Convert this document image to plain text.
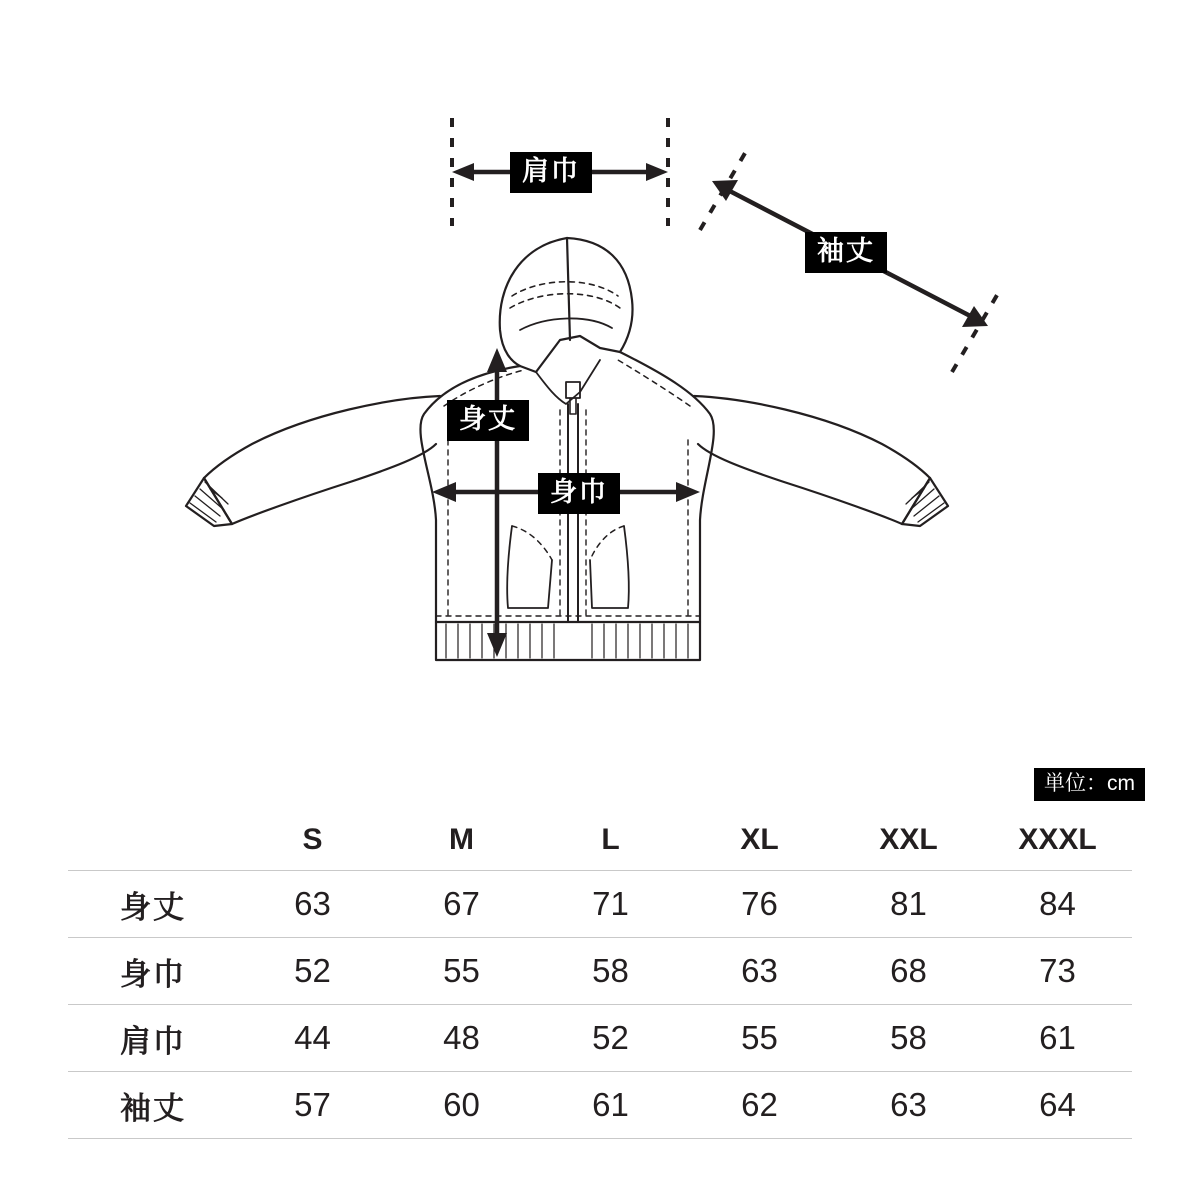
肩巾
袖丈
身丈
身巾
単位：cm
	S	M	L	XL	XXL	XXXL
身丈	63	67	71	76	81	84
身巾	52	55	58	63	68	73
肩巾	44	48	52	55	58	61
袖丈	57	60	61	62	63	64
